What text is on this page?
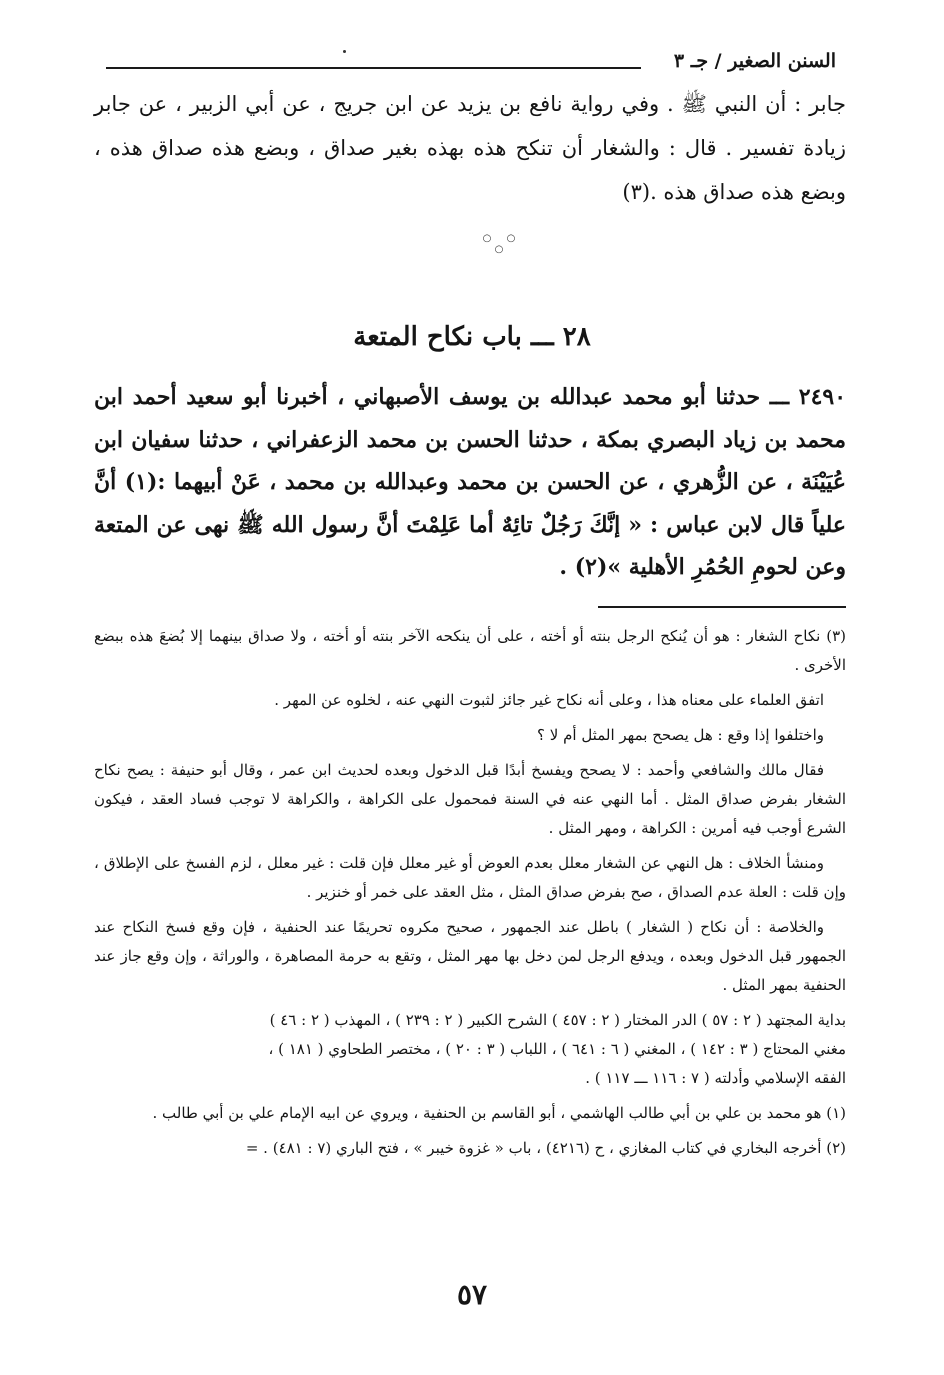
السنن الصغير / جـ ٣
جابر : أن النبي ﷺ . وفي رواية نافع بن يزيد عن ابن جريج ، عن أبي الزبير ، عن جابر زيادة تفسير . قال : والشغار أن تنكح هذه بهذه بغير صداق ، وبضع هذه صداق هذه ، وبضع هذه صداق هذه .(٣)
○ ○ ○
٢٨ ـــ باب نكاح المتعة
٢٤٩٠ ـــ حدثنا أبو محمد عبدالله بن يوسف الأصبهاني ، أخبرنا أبو سعيد أحمد ابن محمد بن زياد البصري بمكة ، حدثنا الحسن بن محمد الزعفراني ، حدثنا سفيان ابن عُيَيْنَة ، عن الزُّهري ، عن الحسن بن محمد وعبدالله بن محمد ، عَنْ أبيهما :(١) أنَّ علياً قال لابن عباس : « إنَّكَ رَجُلٌ تائِهٌ أما عَلِمْتَ أنَّ رسول الله ﷺ نهى عن المتعة وعن لحومِ الحُمُرِ الأهلية »(٢) .

(٣) نكاح الشغار : هو أن يُنكح الرجل بنته أو أخته ، على أن ينكحه الآخر بنته أو أخته ، ولا صداق بينهما إلا بُضعَ هذه ببضع الأخرى .

اتفق العلماء على معناه هذا ، وعلى أنه نكاح غير جائز لثبوت النهي عنه ، لخلوه عن المهر .

واختلفوا إذا وقع : هل يصحح بمهر المثل أم لا ؟

فقال مالك والشافعي وأحمد : لا يصحح ويفسخ أبدًا قبل الدخول وبعده لحديث ابن عمر ، وقال أبو حنيفة : يصح نكاح الشغار بفرض صداق المثل . أما النهي عنه في السنة فمحمول على الكراهة ، والكراهة لا توجب فساد العقد ، فيكون الشرع أوجب فيه أمرين : الكراهة ، ومهر المثل .

ومنشأ الخلاف : هل النهي عن الشغار معلل بعدم العوض أو غير معلل فإن قلت : غير معلل ، لزم الفسخ على الإطلاق ، وإن قلت : العلة عدم الصداق ، صح بفرض صداق المثل ، مثل العقد على خمر أو خنزير .

والخلاصة : أن نكاح ( الشغار ) باطل عند الجمهور ، صحيح مكروه تحريمًا عند الحنفية ، فإن وقع فسخ النكاح عند الجمهور قبل الدخول وبعده ، ويدفع الرجل لمن دخل بها مهر المثل ، وتقع به حرمة المصاهرة ، والوراثة ، وإن وقع جاز عند الحنفية بمهر المثل .

بداية المجتهد ( ٢ : ٥٧ ) الدر المختار ( ٢ : ٤٥٧ ) الشرح الكبير ( ٢ : ٢٣٩ ) ، المهذب ( ٢ : ٤٦ )

مغني المحتاج ( ٣ : ١٤٢ ) ، المغني ( ٦ : ٦٤١ ) ، اللباب ( ٣ : ٢٠ ) ، مختصر الطحاوي ( ١٨١ ) ،

الفقه الإسلامي وأدلته ( ٧ : ١١٦ ـــ ١١٧ ) .

(١) هو محمد بن علي بن أبي طالب الهاشمي ، أبو القاسم بن الحنفية ، ويروي عن ابيه الإمام علي بن أبي طالب .

(٢) أخرجه البخاري في كتاب المغازي ، ح (٤٢١٦) ، باب « غزوة خيبر » ، فتح الباري (٧ : ٤٨١) . =

٥٧
